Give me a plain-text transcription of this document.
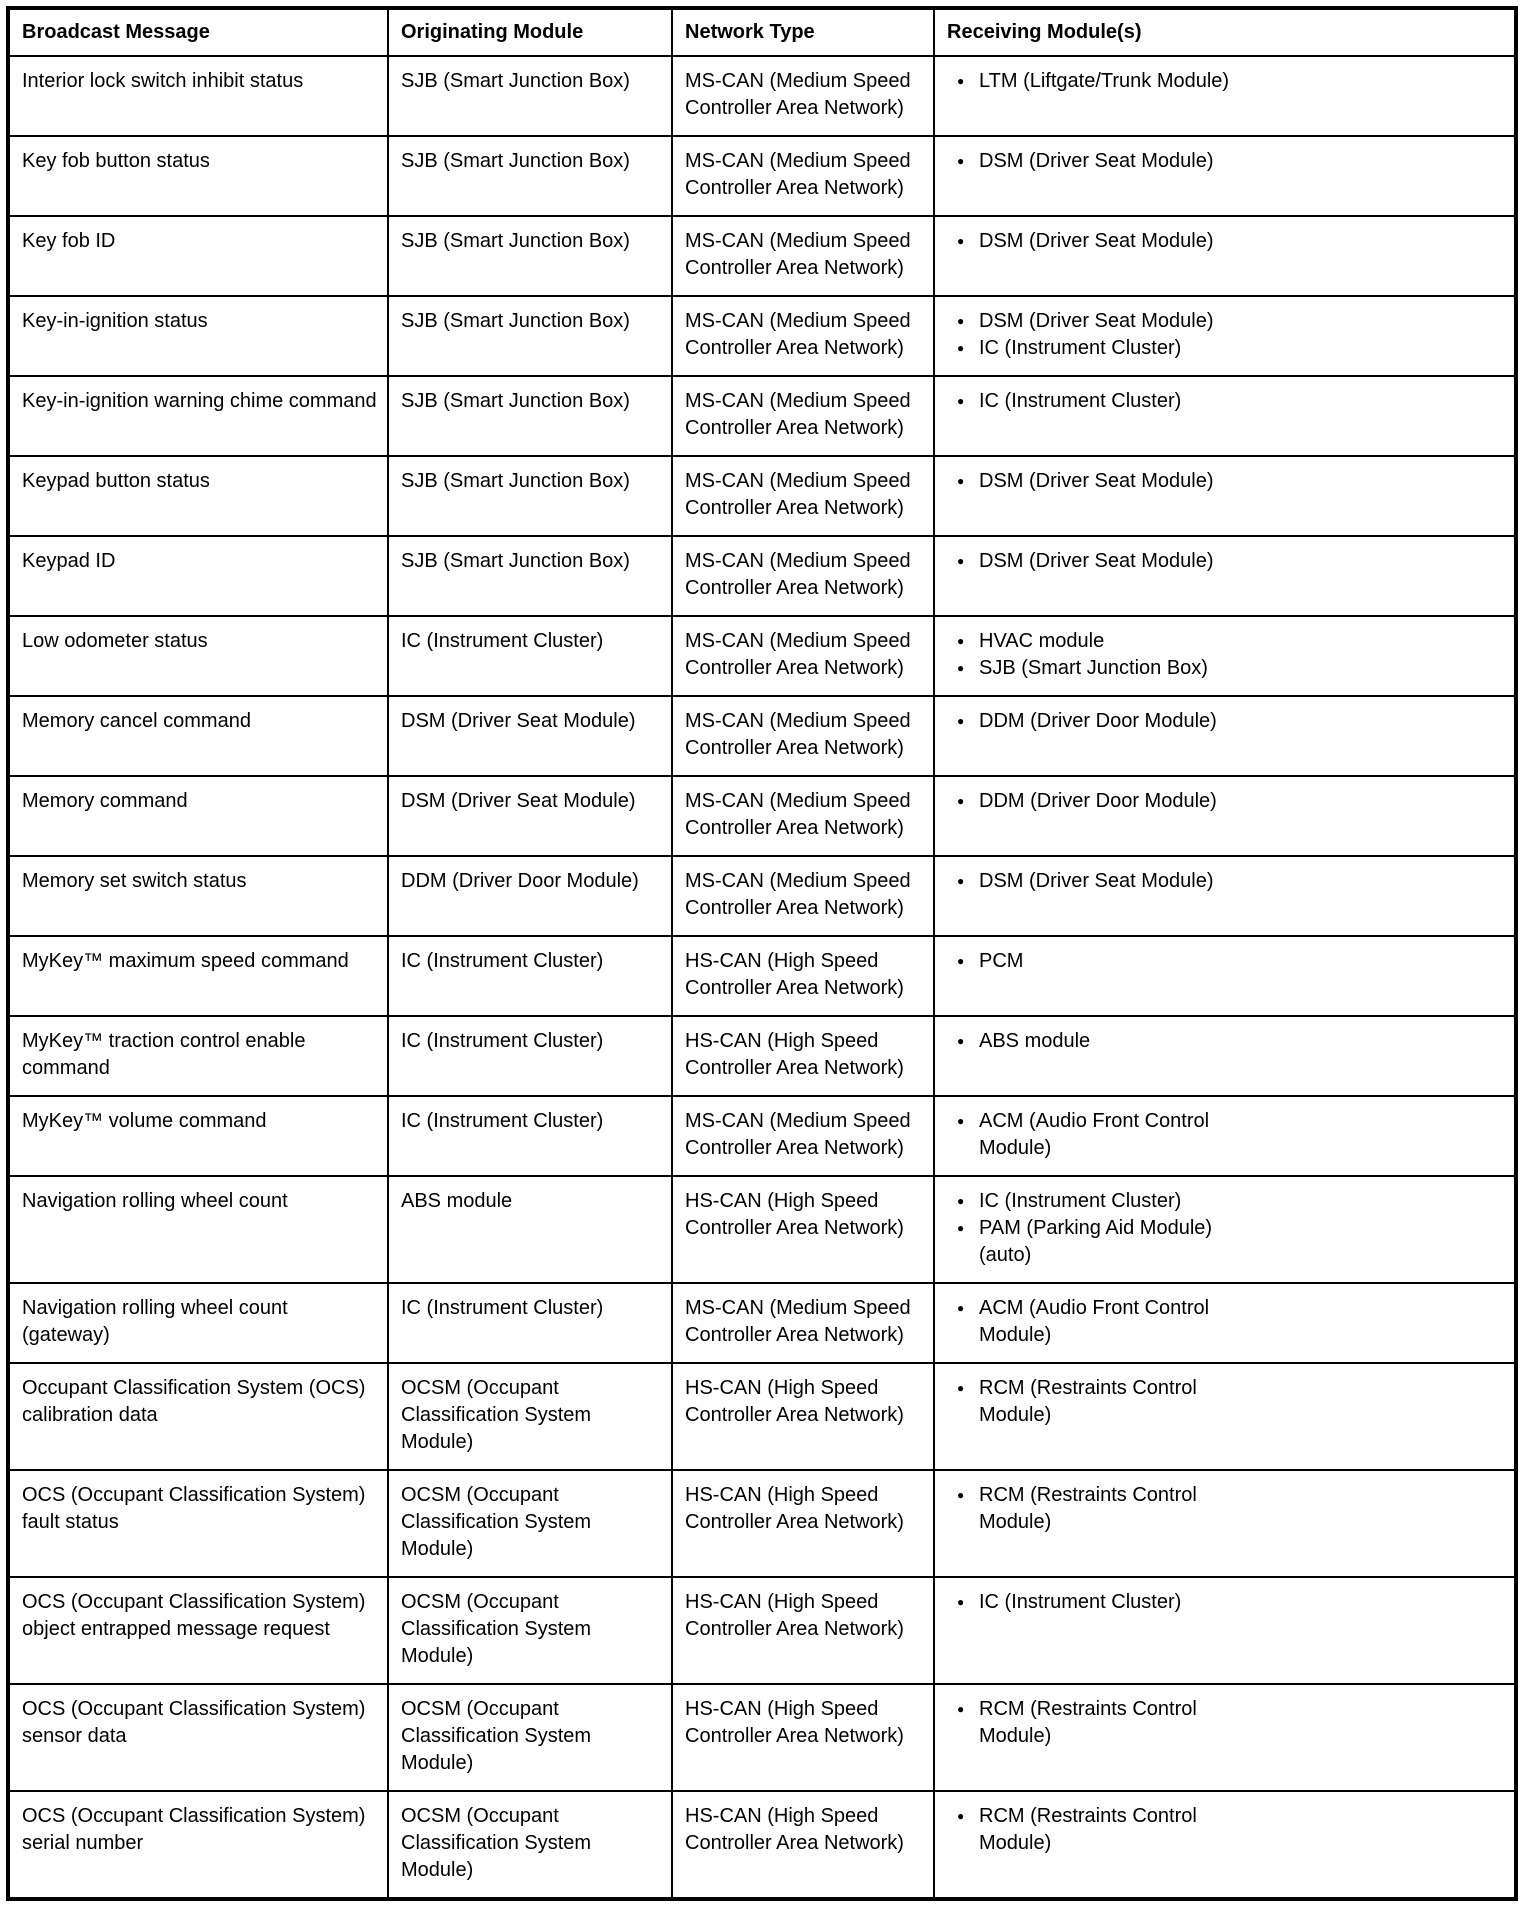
Broadcast Message	Originating Module	Network Type	Receiving Module(s)
Interior lock switch inhibit status	SJB (Smart Junction Box)	MS-CAN (Medium Speed Controller Area Network)	● LTM (Liftgate/Trunk Module)

Key fob button status	SJB (Smart Junction Box)	MS-CAN (Medium Speed Controller Area Network)	● DSM (Driver Seat Module)

Key fob ID	SJB (Smart Junction Box)	MS-CAN (Medium Speed Controller Area Network)	● DSM (Driver Seat Module)

Key-in-ignition status	SJB (Smart Junction Box)	MS-CAN (Medium Speed Controller Area Network)	● DSM (Driver Seat Module)
● IC (Instrument Cluster)

Key-in-ignition warning chime command	SJB (Smart Junction Box)	MS-CAN (Medium Speed Controller Area Network)	● IC (Instrument Cluster)

Keypad button status	SJB (Smart Junction Box)	MS-CAN (Medium Speed Controller Area Network)	● DSM (Driver Seat Module)

Keypad ID	SJB (Smart Junction Box)	MS-CAN (Medium Speed Controller Area Network)	● DSM (Driver Seat Module)

Low odometer status	IC (Instrument Cluster)	MS-CAN (Medium Speed Controller Area Network)	● HVAC module
● SJB (Smart Junction Box)

Memory cancel command	DSM (Driver Seat Module)	MS-CAN (Medium Speed Controller Area Network)	● DDM (Driver Door Module)

Memory command	DSM (Driver Seat Module)	MS-CAN (Medium Speed Controller Area Network)	● DDM (Driver Door Module)

Memory set switch status	DDM (Driver Door Module)	MS-CAN (Medium Speed Controller Area Network)	● DSM (Driver Seat Module)

MyKey™ maximum speed command	IC (Instrument Cluster)	HS-CAN (High Speed Controller Area Network)	● PCM

MyKey™ traction control enable command	IC (Instrument Cluster)	HS-CAN (High Speed Controller Area Network)	● ABS module

MyKey™ volume command	IC (Instrument Cluster)	MS-CAN (Medium Speed Controller Area Network)	● ACM (Audio Front Control Module)

Navigation rolling wheel count	ABS module	HS-CAN (High Speed Controller Area Network)	● IC (Instrument Cluster)
● PAM (Parking Aid Module) (auto)

Navigation rolling wheel count (gateway)	IC (Instrument Cluster)	MS-CAN (Medium Speed Controller Area Network)	● ACM (Audio Front Control Module)

Occupant Classification System (OCS) calibration data	OCSM (Occupant Classification System Module)	HS-CAN (High Speed Controller Area Network)	● RCM (Restraints Control Module)

OCS (Occupant Classification System) fault status	OCSM (Occupant Classification System Module)	HS-CAN (High Speed Controller Area Network)	● RCM (Restraints Control Module)

OCS (Occupant Classification System) object entrapped message request	OCSM (Occupant Classification System Module)	HS-CAN (High Speed Controller Area Network)	● IC (Instrument Cluster)

OCS (Occupant Classification System) sensor data	OCSM (Occupant Classification System Module)	HS-CAN (High Speed Controller Area Network)	● RCM (Restraints Control Module)

OCS (Occupant Classification System) serial number	OCSM (Occupant Classification System Module)	HS-CAN (High Speed Controller Area Network)	● RCM (Restraints Control Module)
